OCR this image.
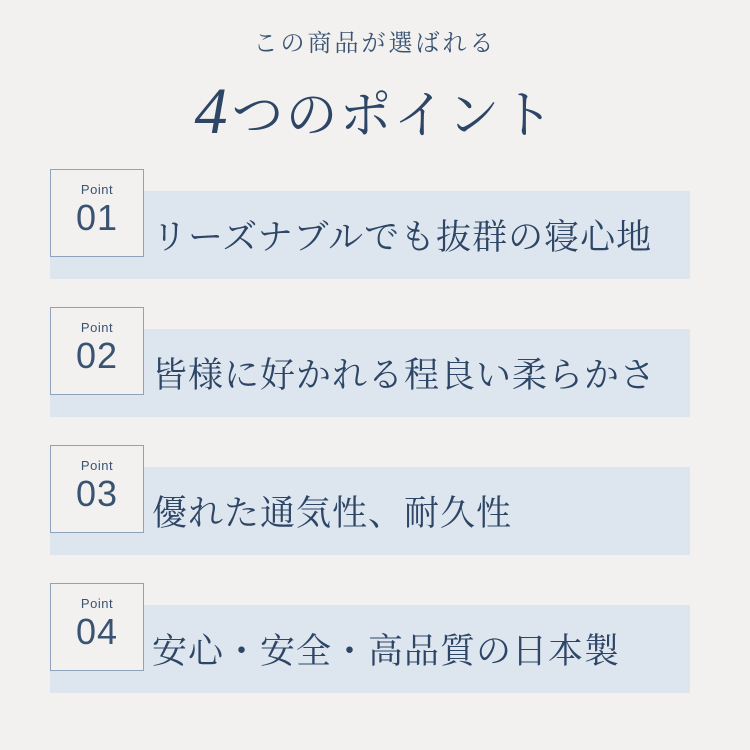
この商品が選ばれる
4つのポイント
Point
01 リーズナブルでも抜群の寝心地
Point
02 皆様に好かれる程良い柔らかさ
Point
03 優れた通気性、耐久性
Point
04 安心・安全・高品質の日本製
